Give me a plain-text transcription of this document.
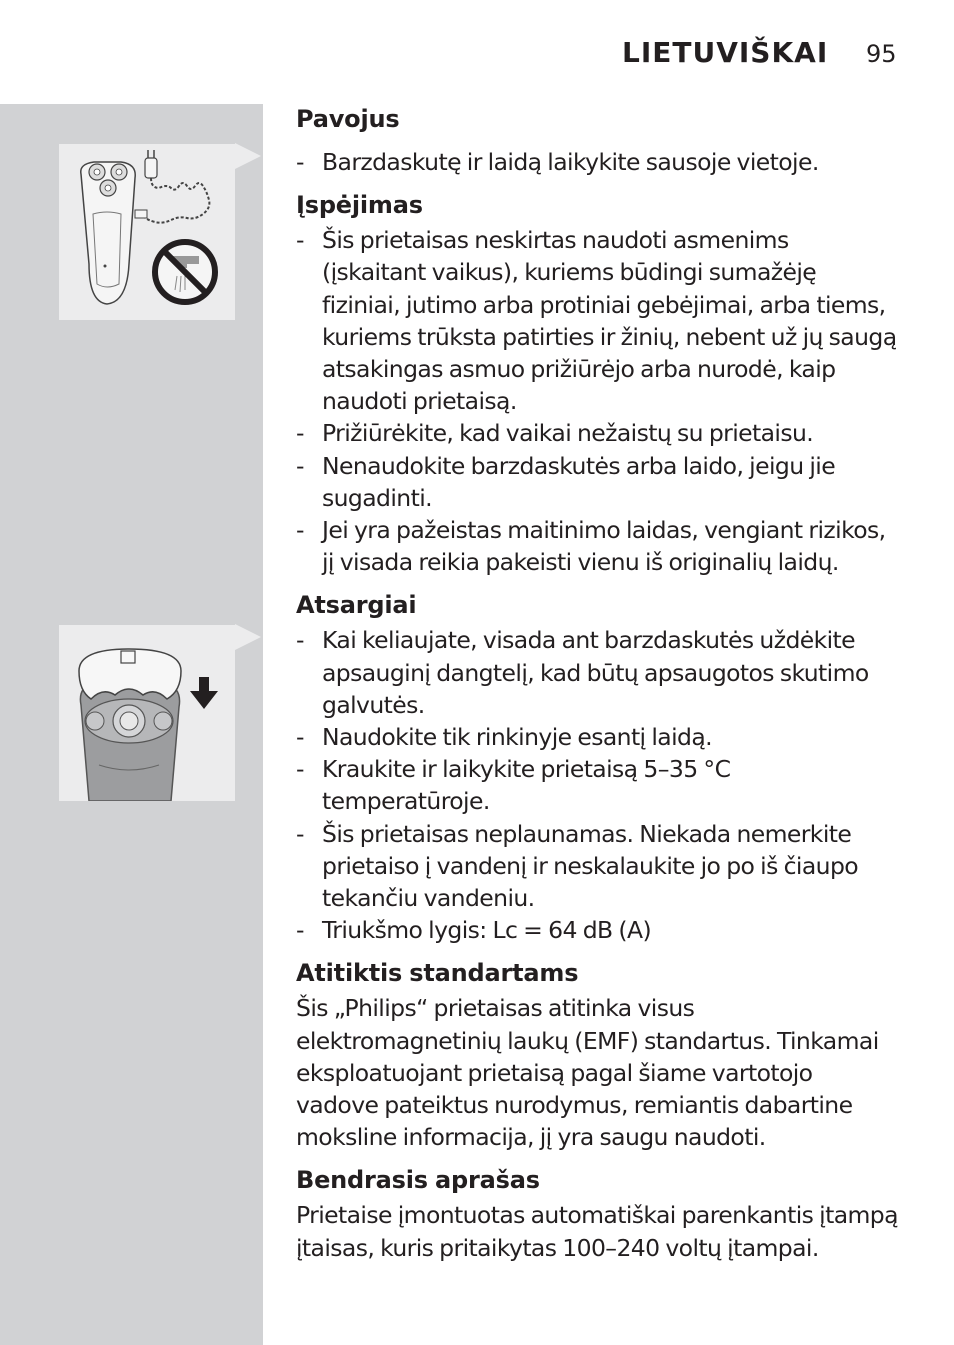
LIETUVIŠKAI 95
Pavojus
- Barzdaskutę ir laidą laikykite sausoje vietoje.
Įspėjimas
- Šis prietaisas neskirtas naudoti asmenims (įskaitant vaikus), kuriems būdingi sumažėję fiziniai, jutimo arba protiniai gebėjimai, arba tiems, kuriems trūksta patirties ir žinių, nebent už jų saugą atsakingas asmuo prižiūrėjo arba nurodė, kaip naudoti prietaisą.
- Prižiūrėkite, kad vaikai nežaistų su prietaisu.
- Nenaudokite barzdaskutės arba laido, jeigu jie sugadinti.
- Jei yra pažeistas maitinimo laidas, vengiant rizikos, jį visada reikia pakeisti vienu iš originalių laidų.
Atsargiai
- Kai keliaujate, visada ant barzdaskutės uždėkite apsauginį dangtelį, kad būtų apsaugotos skutimo galvutės.
- Naudokite tik rinkinyje esantį laidą.
- Kraukite ir laikykite prietaisą 5–35 °C temperatūroje.
- Šis prietaisas neplaunamas. Niekada nemerkite prietaiso į vandenį ir neskalaukite jo po iš čiaupo tekančiu vandeniu.
- Triukšmo lygis: Lc = 64 dB (A)
Atitiktis standartams

Šis „Philips“ prietaisas atitinka visus elektromagnetinių laukų (EMF) standartus. Tinkamai eksploatuojant prietaisą pagal šiame vartotojo vadove pateiktus nurodymus, remiantis dabartine moksline informacija, jį yra saugu naudoti.

Bendrasis aprašas

Prietaise įmontuotas automatiškai parenkantis įtampą įtaisas, kuris pritaikytas 100–240 voltų įtampai.
